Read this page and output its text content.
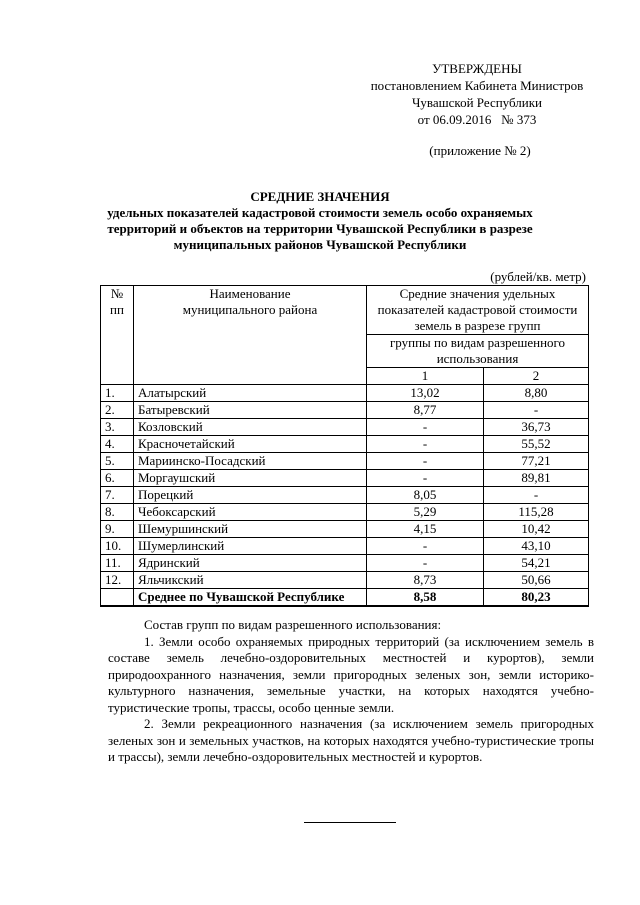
УТВЕРЖДЕНЫ
постановлением Кабинета Министров
Чувашской Республики
от 06.09.2016   № 373
(приложение № 2)
СРЕДНИЕ ЗНАЧЕНИЯ
удельных показателей кадастровой стоимости земель особо охраняемых
территорий и объектов на территории Чувашской Республики в разрезе
муниципальных районов Чувашской Республики
(рублей/кв. метр)
№ пп	Наименование муниципального района	Средние значения удельных показателей кадастровой стоимости земель в разрезе групп	
		группы по видам разрешенного использования	
		1	2
1.	Алатырский	13,02	8,80
2.	Батыревский	8,77	-
3.	Козловский	-	36,73
4.	Красночетайский	-	55,52
5.	Мариинско-Посадский	-	77,21
6.	Моргаушский	-	89,81
7.	Порецкий	8,05	-
8.	Чебоксарский	5,29	115,28
9.	Шемуршинский	4,15	10,42
10.	Шумерлинский	-	43,10
11.	Ядринский	-	54,21
12.	Яльчикский	8,73	50,66
	Среднее по Чувашской Республике	8,58	80,23
Состав групп по видам разрешенного использования:
1. Земли особо охраняемых природных территорий (за исключением земель в составе земель лечебно-оздоровительных местностей и курортов), земли природоохранного назначения, земли пригородных зеленых зон, земли историко-культурного назначения, земельные участки, на которых находятся учебно-туристические тропы, трассы, особо ценные земли.
2. Земли рекреационного назначения (за исключением земель пригородных зеленых зон и земельных участков, на которых находятся учебно-туристические тропы и трассы), земли лечебно-оздоровительных местностей и курортов.
